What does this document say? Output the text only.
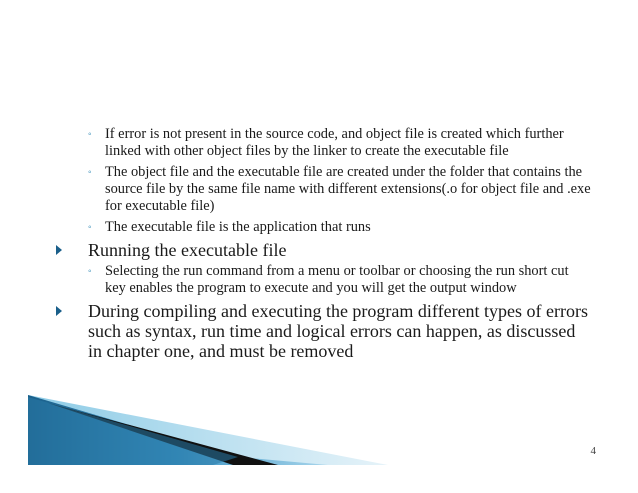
◦ If error is not present in the source code, and object file is created which further linked with other object files by the linker to create the executable file
◦ The object file and the executable file are created under the folder that contains the source file by the same file name with different extensions(.o for object file and .exe for executable file)
◦ The executable file is the application that runs
Running the executable file
◦ Selecting the run command from a menu or toolbar or choosing the run short cut key enables the program to execute and you will get the output window
During compiling and executing the program different types of errors such as syntax, run time and logical errors can happen, as discussed in chapter one, and must be removed
4
